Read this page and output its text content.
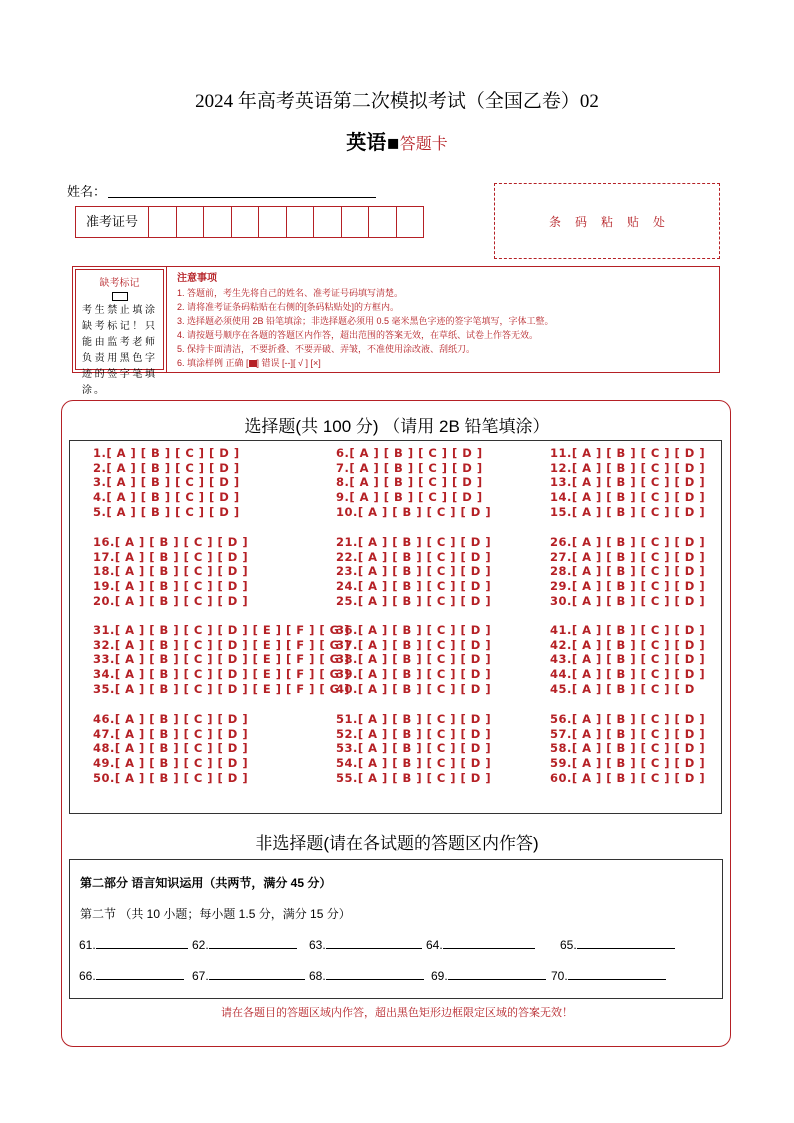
2024 年高考英语第二次模拟考试（全国乙卷）02
英语▪答题卡
姓名：
准考证号	条码粘贴处
缺考标记
考生禁止填涂缺考标记！只能由监考老师负责用黑色字迹的签字笔填涂。
注意事项
1. 答题前，考生先将自己的姓名、准考证号码填写清楚。
2. 请将准考证条码粘贴在右侧的[条码粘贴处]的方框内。
3. 选择题必须使用 2B 铅笔填涂；非选择题必须用 0.5 毫米黑色字迹的签字笔填写，字体工整。
4. 请按题号顺序在各题的答题区内作答，超出范围的答案无效，在草纸、试卷上作答无效。
5. 保持卡面清洁，不要折叠、不要弄破、弄皱，不准使用涂改液、刮纸刀。
6. 填涂样例 正确 [ ] 错误 [--][ √ ] [×]
选择题(共 100 分) （请用 2B 铅笔填涂）
1.[ A ] [ B ] [ C ] [ D ]
2.[ A ] [ B ] [ C ] [ D ]
3.[ A ] [ B ] [ C ] [ D ]
4.[ A ] [ B ] [ C ] [ D ]
5.[ A ] [ B ] [ C ] [ D ]
6.[ A ] [ B ] [ C ] [ D ]
7.[ A ] [ B ] [ C ] [ D ]
8.[ A ] [ B ] [ C ] [ D ]
9.[ A ] [ B ] [ C ] [ D ]
10.[ A ] [ B ] [ C ] [ D ]
11.[ A ] [ B ] [ C ] [ D ]
12.[ A ] [ B ] [ C ] [ D ]
13.[ A ] [ B ] [ C ] [ D ]
14.[ A ] [ B ] [ C ] [ D ]
15.[ A ] [ B ] [ C ] [ D ]
16.[ A ] [ B ] [ C ] [ D ]
17.[ A ] [ B ] [ C ] [ D ]
18.[ A ] [ B ] [ C ] [ D ]
19.[ A ] [ B ] [ C ] [ D ]
20.[ A ] [ B ] [ C ] [ D ]
21.[ A ] [ B ] [ C ] [ D ]
22.[ A ] [ B ] [ C ] [ D ]
23.[ A ] [ B ] [ C ] [ D ]
24.[ A ] [ B ] [ C ] [ D ]
25.[ A ] [ B ] [ C ] [ D ]
26.[ A ] [ B ] [ C ] [ D ]
27.[ A ] [ B ] [ C ] [ D ]
28.[ A ] [ B ] [ C ] [ D ]
29.[ A ] [ B ] [ C ] [ D ]
30.[ A ] [ B ] [ C ] [ D ]
31.[ A ] [ B ] [ C ] [ D ] [ E ] [ F ] [ G ]
32.[ A ] [ B ] [ C ] [ D ] [ E ] [ F ] [ G ]
33.[ A ] [ B ] [ C ] [ D ] [ E ] [ F ] [ G ]
34.[ A ] [ B ] [ C ] [ D ] [ E ] [ F ] [ G ]
35.[ A ] [ B ] [ C ] [ D ] [ E ] [ F ] [ G ]
36.[ A ] [ B ] [ C ] [ D ]
37.[ A ] [ B ] [ C ] [ D ]
38.[ A ] [ B ] [ C ] [ D ]
39.[ A ] [ B ] [ C ] [ D ]
40.[ A ] [ B ] [ C ] [ D ]
41.[ A ] [ B ] [ C ] [ D ]
42.[ A ] [ B ] [ C ] [ D ]
43.[ A ] [ B ] [ C ] [ D ]
44.[ A ] [ B ] [ C ] [ D ]
45.[ A ] [ B ] [ C ] [ D
46.[ A ] [ B ] [ C ] [ D ]
47.[ A ] [ B ] [ C ] [ D ]
48.[ A ] [ B ] [ C ] [ D ]
49.[ A ] [ B ] [ C ] [ D ]
50.[ A ] [ B ] [ C ] [ D ]
51.[ A ] [ B ] [ C ] [ D ]
52.[ A ] [ B ] [ C ] [ D ]
53.[ A ] [ B ] [ C ] [ D ]
54.[ A ] [ B ] [ C ] [ D ]
55.[ A ] [ B ] [ C ] [ D ]
56.[ A ] [ B ] [ C ] [ D ]
57.[ A ] [ B ] [ C ] [ D ]
58.[ A ] [ B ] [ C ] [ D ]
59.[ A ] [ B ] [ C ] [ D ]
60.[ A ] [ B ] [ C ] [ D ]
非选择题(请在各试题的答题区内作答)
第二部分 语言知识运用（共两节，满分 45 分）
第二节 （共 10 小题；每小题 1.5 分，满分 15 分）
61.	62.	63.	64.	65.
66.	67.	68.	69.	70.
请在各题目的答题区域内作答，超出黑色矩形边框限定区域的答案无效！
